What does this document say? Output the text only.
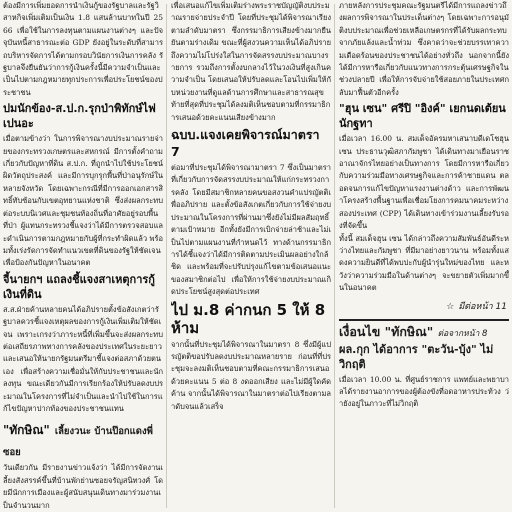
ต้องมีการเพิ่มยอดการนำเงินกู้ของรัฐบาลและรัฐวิสาหกิจเพิ่มเติมเป็นเงิน 1.8 แสนล้านบาทในปี 2566 เพื่อใช้ในการลงทุนตามแผนงานต่างๆ และปัจจุบันหนี้สาธารณะต่อ GDP ยังอยู่ในระดับที่สามารถบริหารจัดการได้ตามกรอบวินัยการเงินการคลัง รัฐบาลจึงยืนยันว่าการกู้เงินครั้งนี้มีความจำเป็นและเป็นไปตามกฎหมายทุกประการเพื่อประโยชน์ของประชาชน

ปมนักข้อง-ส.ป.ก.รุกป่าพิทักษ์ไฟเปนอะ

เมื่อตามข้างว่า ในการพิจารณางบประมาณรายจ่ายของกระทรวงเกษตรและสหกรณ์ มีการตั้งคำถามเกี่ยวกับปัญหาที่ดิน ส.ป.ก. ที่ถูกนำไปใช้ประโยชน์ผิดวัตถุประสงค์ และมีการบุกรุกพื้นที่ป่าอนุรักษ์ในหลายจังหวัด โดยเฉพาะกรณีที่มีการออกเอกสารสิทธิ์ทับซ้อนกับเขตอุทยานแห่งชาติ ซึ่งส่งผลกระทบต่อระบบนิเวศและชุมชนท้องถิ่นที่อาศัยอยู่รอบพื้นที่ป่า ผู้แทนกระทรวงชี้แจงว่าได้มีการตรวจสอบและดำเนินการตามกฎหมายกับผู้ที่กระทำผิดแล้ว พร้อมทั้งเร่งรัดการจัดทำแนวเขตที่ดินของรัฐให้ชัดเจนเพื่อป้องกันปัญหาในอนาคต

จี้นายกฯ แถลงชี้แจงสาเหตุการกู้เงินที่ดิน

ส.ส.ฝ่ายค้านหลายคนได้อภิปรายตั้งข้อสังเกตว่ารัฐบาลควรชี้แจงเหตุผลของการกู้เงินเพิ่มเติมให้ชัดเจน เพราะเกรงว่าภาระหนี้ที่เพิ่มขึ้นจะส่งผลกระทบต่อเสถียรภาพทางการคลังของประเทศในระยะยาว และเสนอให้นายกรัฐมนตรีมาชี้แจงต่อสภาด้วยตนเอง เพื่อสร้างความเชื่อมั่นให้กับประชาชนและนักลงทุน ขณะเดียวกันมีการเรียกร้องให้ปรับลดงบประมาณในโครงการที่ไม่จำเป็นและนำไปใช้ในการแก้ไขปัญหาปากท้องของประชาชนแทน

"ทักษิณ" เลี้ยงวนะ บ้านป๊อกแดงพี่ซอย

วันเดียวกัน มีรายงานข่าวแจ้งว่า ได้มีการจัดงานเลี้ยงสังสรรค์ขึ้นที่บ้านพักย่านซอยจรัญสนิทวงศ์ โดยมีนักการเมืองและผู้สนับสนุนเดินทางมาร่วมงานเป็นจำนวนมาก

เพื่อเสนอแก้ไขเพิ่มเติมร่างพระราชบัญญัติงบประมาณรายจ่ายประจำปี โดยที่ประชุมได้พิจารณาเรียงตามลำดับมาตรา ซึ่งกรรมาธิการเสียงข้างมากยืนยันตามร่างเดิม ขณะที่ผู้สงวนความเห็นได้อภิปรายถึงความไม่โปร่งใสในการจัดสรรงบประมาณบางรายการ รวมถึงการตั้งงบกลางไว้ในวงเงินที่สูงเกินความจำเป็น โดยเสนอให้ปรับลดและโอนไปเพิ่มให้กับหน่วยงานที่ดูแลด้านการศึกษาและสาธารณสุข ท้ายที่สุดที่ประชุมได้ลงมติเห็นชอบตามที่กรรมาธิการเสนอด้วยคะแนนเสียงข้างมาก

ฉบบ.แจงเคยพิจารณ์มาตรา 7

ต่อมาที่ประชุมได้พิจารณามาตรา 7 ซึ่งเป็นมาตราที่เกี่ยวกับการจัดสรรงบประมาณให้แก่กระทรวงการคลัง โดยมีสมาชิกหลายคนขอสงวนคำแปรญัตติเพื่ออภิปราย และตั้งข้อสังเกตเกี่ยวกับการใช้จ่ายงบประมาณในโครงการที่ผ่านมาซึ่งยังไม่มีผลสัมฤทธิ์ตามเป้าหมาย อีกทั้งยังมีการเบิกจ่ายล่าช้าและไม่เป็นไปตามแผนงานที่กำหนดไว้ ทางด้านกรรมาธิการได้ชี้แจงว่าได้มีการติดตามประเมินผลอย่างใกล้ชิด และพร้อมที่จะปรับปรุงแก้ไขตามข้อเสนอแนะของสมาชิกต่อไป เพื่อให้การใช้จ่ายงบประมาณเกิดประโยชน์สูงสุดต่อประเทศ

ไป ม.8 ค่ากนก 5 ให้ 8 ห้าม

จากนั้นที่ประชุมได้พิจารณาในมาตรา 8 ซึ่งมีผู้แปรญัตติขอปรับลดงบประมาณหลายราย ก่อนที่ที่ประชุมจะลงมติเห็นชอบตามที่คณะกรรมาธิการเสนอด้วยคะแนน 5 ต่อ 8 งดออกเสียง และไม่มีผู้ใดคัดค้าน จากนั้นได้พิจารณาในมาตราต่อไปเรียงตามลำดับจนแล้วเสร็จ

ภายหลังการประชุมคณะรัฐมนตรีได้มีการแถลงข่าวถึงผลการพิจารณาในประเด็นต่างๆ โดยเฉพาะการอนุมัติงบประมาณเพื่อช่วยเหลือเกษตรกรที่ได้รับผลกระทบจากภัยแล้งและน้ำท่วม ซึ่งคาดว่าจะช่วยบรรเทาความเดือดร้อนของประชาชนได้อย่างทั่วถึง นอกจากนี้ยังได้มีการหารือเกี่ยวกับแนวทางการกระตุ้นเศรษฐกิจในช่วงปลายปี เพื่อให้การจับจ่ายใช้สอยภายในประเทศกลับมาฟื้นตัวอีกครั้ง

"ฮุน เซน" ศรีปิ "อิงค์" เยกนดเต้ยนนักฐทา

เมื่อเวลา 16.00 น. สมเด็จอัครมหาเสนาบดีเดโชฮุน เซน ประธานวุฒิสภากัมพูชา ได้เดินทางมาเยือนราชอาณาจักรไทยอย่างเป็นทางการ โดยมีการหารือเกี่ยวกับความร่วมมือทางเศรษฐกิจและการค้าชายแดน ตลอดจนการแก้ไขปัญหาแรงงานต่างด้าว และการพัฒนาโครงสร้างพื้นฐานเพื่อเชื่อมโยงการคมนาคมระหว่างสองประเทศ (CPP) ได้เดินทางเข้าร่วมงานเลี้ยงรับรองที่จัดขึ้น

ทั้งนี้ สมเด็จฮุน เซน ได้กล่าวถึงความสัมพันธ์อันดีระหว่างไทยและกัมพูชา ที่มีมาอย่างยาวนาน พร้อมทั้งแสดงความยินดีที่ได้พบปะกับผู้นำรุ่นใหม่ของไทย และหวังว่าความร่วมมือในด้านต่างๆ จะขยายตัวเพิ่มมากขึ้นในอนาคต

☆ มีต่อหน้า 11
เงื่อนไข "ทักษิณ" ต่อจากหน้า 8
ผล.กุก ได้อาการ "ตะวัน-บุ้ง" ไม่วิกฤติ

เมื่อเวลา 10.00 น. ที่ศูนย์ราชการ แพทย์และพยาบาลได้รายงานอาการของผู้ต้องขังที่อดอาหารประท้วง ว่ายังอยู่ในภาวะที่ไม่วิกฤติ
